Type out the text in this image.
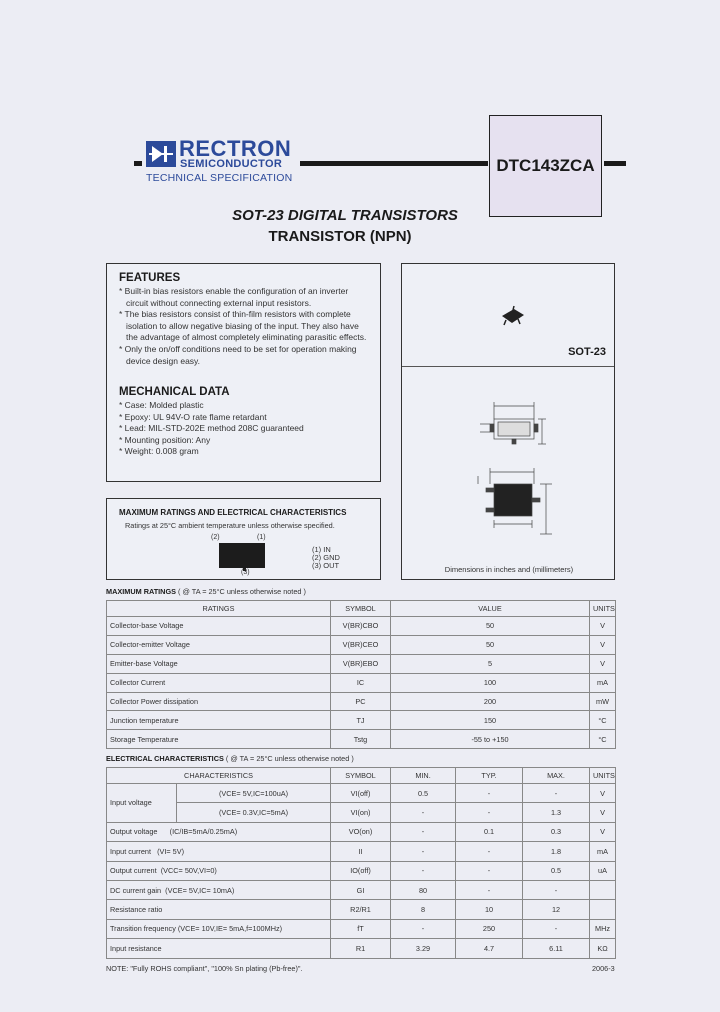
RECTRON
SEMICONDUCTOR
TECHNICAL SPECIFICATION
DTC143ZCA
SOT-23 DIGITAL TRANSISTORS
TRANSISTOR (NPN)
FEATURES
* Built-in bias resistors enable the configuration of an inverter circuit without connecting external input resistors.
* The bias resistors consist of thin-film resistors with complete isolation to allow negative biasing of the input. They also have the advantage of almost completely eliminating parasitic effects.
* Only the on/off conditions need to be set for operation making device design easy.
MECHANICAL DATA
* Case: Molded plastic
* Epoxy: UL 94V-O rate flame retardant
* Lead: MIL-STD-202E method 208C guaranteed
* Mounting position: Any
* Weight: 0.008 gram
SOT-23
Dimensions in inches and (millimeters)
MAXIMUM RATINGS AND ELECTRICAL CHARACTERISTICS
Ratings at 25°C ambient temperature unless otherwise specified.
(2)	(1)
(3)
(1) IN
(2) GND
(3) OUT
MAXIMUM RATINGS ( @ TA = 25°C unless otherwise noted )
RATINGS	SYMBOL	VALUE	UNITS
Collector-base Voltage	V(BR)CBO	50	V
Collector-emitter Voltage	V(BR)CEO	50	V
Emitter-base Voltage	V(BR)EBO	5	V
Collector Current	IC	100	mA
Collector Power dissipation	PC	200	mW
Junction temperature	TJ	150	°C
Storage Temperature	Tstg	-55 to +150	°C
ELECTRICAL CHARACTERISTICS ( @ TA = 25°C unless otherwise noted )
CHARACTERISTICS		SYMBOL	MIN.	TYP.	MAX.	UNITS
Input voltage	(VCE= 5V,IC=100uA)	VI(off)	0.5	-	-	V
	(VCE= 0.3V,IC=5mA)	VI(on)	-	-	1.3	V
Output voltage (IC/IB=5mA/0.25mA)		VO(on)	-	0.1	0.3	V
Input current (VI= 5V)		II	-	-	1.8	mA
Output current (VCC= 50V,VI=0)		IO(off)	-	-	0.5	uA
DC current gain (VCE= 5V,IC= 10mA)		GI	80	-	-	
Resistance ratio		R2/R1	8	10	12	
Transition frequency (VCE= 10V,IE= 5mA,f=100MHz)		fT	-	250	-	MHz
Input resistance		R1	3.29	4.7	6.11	KΩ
NOTE: "Fully ROHS compliant", "100% Sn plating (Pb-free)".	2006-3
